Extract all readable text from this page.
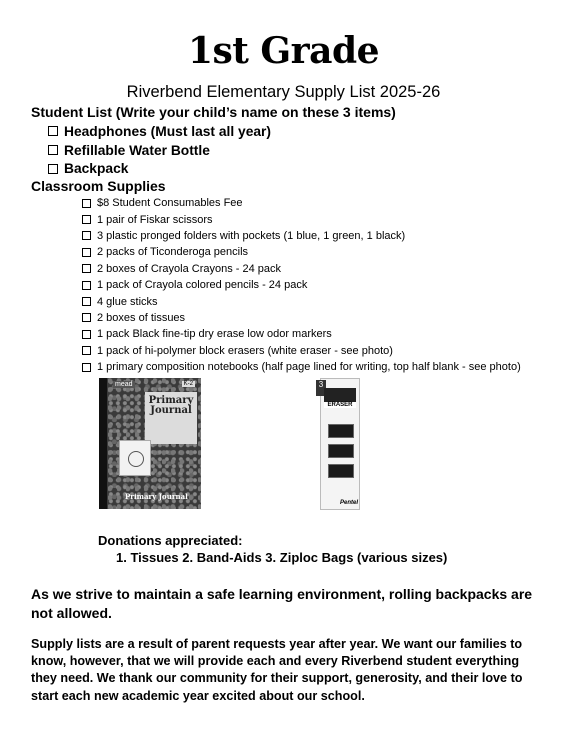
1st Grade
Riverbend Elementary Supply List 2025-26
Student List (Write your child’s name on these 3 items)
Headphones (Must last all year)
Refillable Water Bottle
Backpack
Classroom Supplies
$8 Student Consumables Fee
1 pair of Fiskar scissors
3 plastic pronged folders with pockets (1 blue, 1 green, 1 black)
2 packs of Ticonderoga pencils
2 boxes of Crayola Crayons - 24 pack
1 pack of Crayola colored pencils - 24 pack
4 glue sticks
2 boxes of tissues
1 pack Black fine-tip dry erase low odor markers
1 pack of hi-polymer block erasers (white eraser - see photo)
1 primary composition notebooks (half page lined for writing, top half blank - see photo)
mead	K-2
Primary Journal
Primary Journal
3
ERASER
Pentel
Donations appreciated:
1. Tissues 2. Band-Aids 3. Ziploc Bags (various sizes)
As we strive to maintain a safe learning environment, rolling backpacks are not allowed.
Supply lists are a result of parent requests year after year. We want our families to know, however, that we will provide each and every Riverbend student everything they need. We thank our community for their support, generosity, and their love to start each new academic year excited about our school.
